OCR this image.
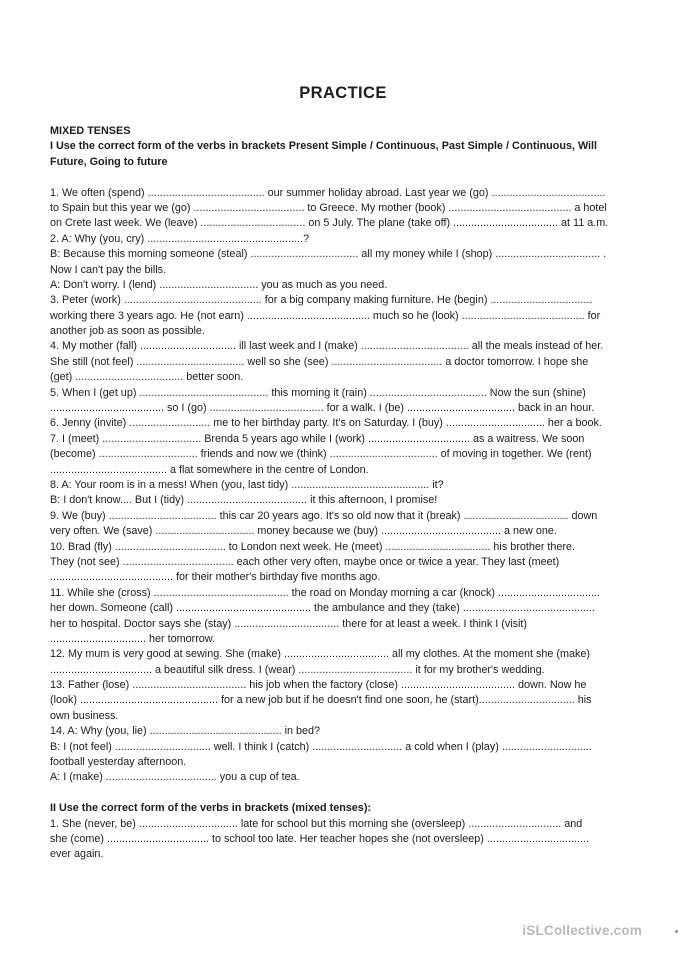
PRACTICE
MIXED TENSES
I Use the correct form of the verbs in brackets Present Simple / Continuous, Past Simple / Continuous, Will
Future, Going to future
1. We often (spend) ....................................... our summer holiday abroad. Last year we (go) ......................................
to Spain but this year we (go) ..................................... to Greece. My mother (book) ......................................... a hotel
on Crete last week. We (leave) ................................... on 5 July. The plane (take off) ................................... at 11 a.m.
2. A: Why (you, cry) ....................................................?
B: Because this morning someone (steal) .................................... all my money while I (shop) ................................... .
Now I can't pay the bills.
A: Don't worry. I (lend) ................................. you as much as you need.
3. Peter (work) .............................................. for a big company making furniture. He (begin) ..................................
working there 3 years ago. He (not earn) ......................................... much so he (look) ......................................... for
another job as soon as possible.
4. My mother (fall) ................................ ill last week and I (make) .................................... all the meals instead of her.
She still (not feel) .................................... well so she (see) ..................................... a doctor tomorrow. I hope she
(get) .................................... better soon.
5. When I (get up) ........................................... this morning it (rain) ....................................... Now the sun (shine)
...................................... so I (go) ...................................... for a walk. I (be) .................................... back in an hour.
6. Jenny (invite) ........................... me to her birthday party. It's on Saturday. I (buy) ................................. her a book.
7. I (meet) ................................. Brenda 5 years ago while I (work) .................................. as a waitress. We soon
(become) ................................. friends and now we (think) .................................... of moving in together. We (rent)
....................................... a flat somewhere in the centre of London.
8. A: Your room is in a mess! When (you, last tidy) .............................................. it?
B: I don't know.... But I (tidy) ........................................ it this afternoon, I promise!
9. We (buy) .................................... this car 20 years ago. It's so old now that it (break) ................................... down
very often. We (save) ................................. money because we (buy) ........................................ a new one.
10. Brad (fly) ..................................... to London next week. He (meet) ................................... his brother there.
They (not see) ..................................... each other very often, maybe once or twice a year. They last (meet)
......................................... for their mother's birthday five months ago.
11. While she (cross) ............................................. the road on Monday morning a car (knock) ..................................
her down. Someone (call) ............................................. the ambulance and they (take) ............................................
her to hospital. Doctor says she (stay) ................................... there for at least a week. I think I (visit)
................................ her tomorrow.
12. My mum is very good at sewing. She (make) ................................... all my clothes. At the moment she (make)
.................................. a beautiful silk dress. I (wear) ...................................... it for my brother's wedding.
13. Father (lose) ...................................... his job when the factory (close) ...................................... down. Now he
(look) .............................................. for a new job but if he doesn't find one soon, he (start)................................ his
own business.
14. A: Why (you, lie) ............................................ in bed?
B: I (not feel) ................................ well. I think I (catch) .............................. a cold when I (play) ..............................
football yesterday afternoon.
A: I (make) ..................................... you a cup of tea.
II Use the correct form of the verbs in brackets (mixed tenses):
1. She (never, be) ................................. late for school but this morning she (oversleep) ............................... and
she (come) .................................. to school too late. Her teacher hopes she (not oversleep) ..................................
ever again.
iSLCollective.com
